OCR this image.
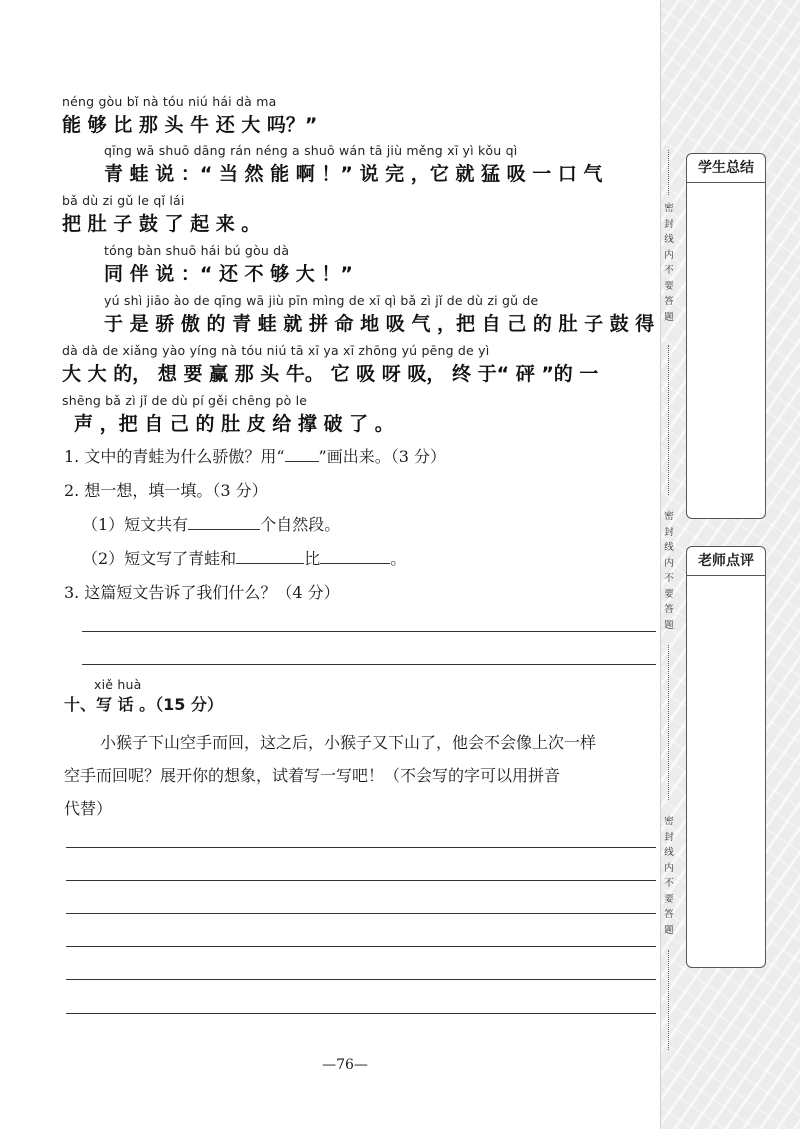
néng gòu bǐ nà tóu niú hái dà ma
能 够 比 那 头 牛 还 大 吗？”
qīng wā shuō dāng rán néng a shuō wán tā jiù měng xī yì kǒu qì
青 蛙 说 ：“ 当 然 能 啊 ！” 说 完 ，它 就 猛 吸 一 口 气
bǎ dù zi gǔ le qǐ lái
把 肚 子 鼓 了 起 来 。
tóng bàn shuō hái bú gòu dà
同 伴 说 ：“ 还 不 够 大 ！”
yú shì jiāo ào de qīng wā jiù pīn mìng de xī qì bǎ zì jǐ de dù zi gǔ de
于 是 骄 傲 的 青 蛙 就 拼 命 地 吸 气 ，把 自 己 的 肚 子 鼓 得
dà dà de xiǎng yào yíng nà tóu niú tā xī ya xī zhōng yú pēng de yì
大 大 的， 想 要 赢 那 头 牛。 它 吸 呀 吸， 终 于“ 砰 ”的 一
shēng bǎ zì jǐ de dù pí gěi chēng pò le
声 ，把 自 己 的 肚 皮 给 撑 破 了 。
1. 文中的青蛙为什么骄傲？用“ ”画出来。（3 分）
2. 想一想，填一填。（3 分）
（1）短文共有	个自然段。
（2）短文写了青蛙和	比	。
3. 这篇短文告诉了我们什么？（4 分）
xiě huà
十、写 话 。（15 分）
小猴子下山空手而回，这之后，小猴子又下山了，他会不会像上次一样
空手而回呢？展开你的想象，试着写一写吧！（不会写的字可以用拼音
代替）
—76—
密
封
线
内
不
要
答
题
密
封
线
内
不
要
答
题
密
封
线
内
不
要
答
题
学生总结
老师点评
